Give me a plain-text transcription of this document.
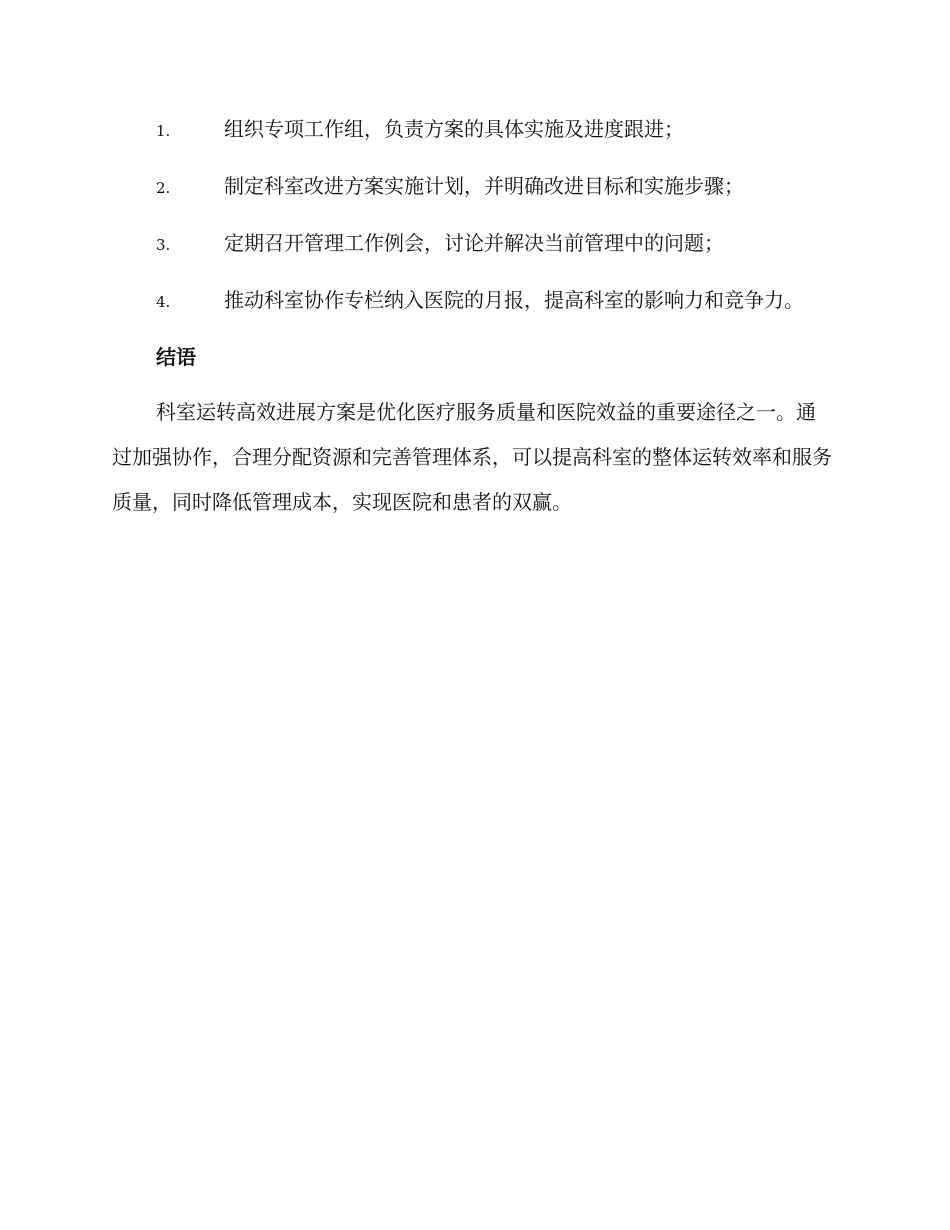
1.	组织专项工作组，负责方案的具体实施及进度跟进；
2.	制定科室改进方案实施计划，并明确改进目标和实施步骤；
3.	定期召开管理工作例会，讨论并解决当前管理中的问题；
4.	推动科室协作专栏纳入医院的月报，提高科室的影响力和竞争力。
结语

科室运转高效进展方案是优化医疗服务质量和医院效益的重要途径之一。通过加强协作，合理分配资源和完善管理体系，可以提高科室的整体运转效率和服务质量，同时降低管理成本，实现医院和患者的双赢。
